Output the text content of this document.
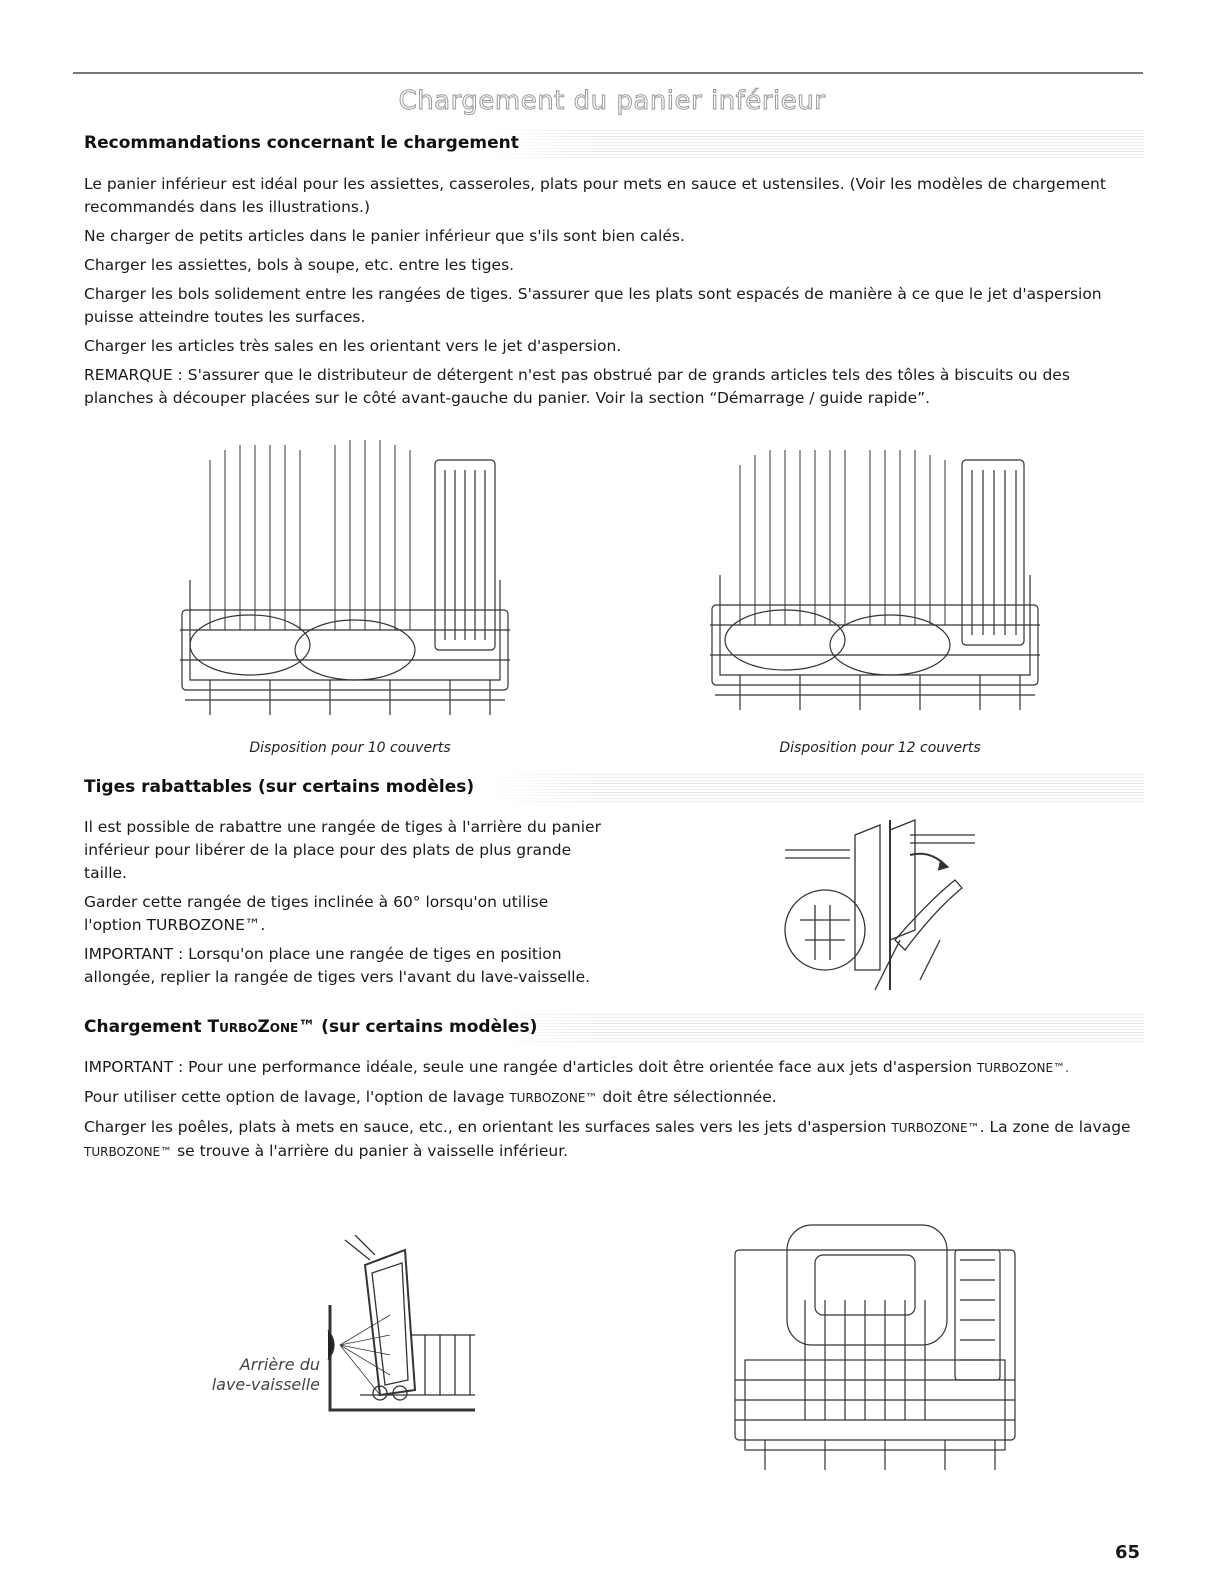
Chargement du panier inférieur
Recommandations concernant le chargement

Le panier inférieur est idéal pour les assiettes, casseroles, plats pour mets en sauce et ustensiles. (Voir les modèles de chargement recommandés dans les illustrations.)

Ne charger de petits articles dans le panier inférieur que s'ils sont bien calés.

Charger les assiettes, bols à soupe, etc. entre les tiges.

Charger les bols solidement entre les rangées de tiges. S'assurer que les plats sont espacés de manière à ce que le jet d'aspersion puisse atteindre toutes les surfaces.

Charger les articles très sales en les orientant vers le jet d'aspersion.

REMARQUE : S'assurer que le distributeur de détergent n'est pas obstrué par de grands articles tels des tôles à biscuits ou des planches à découper placées sur le côté avant-gauche du panier. Voir la section “Démarrage / guide rapide”.

Disposition pour 10 couverts	Disposition pour 12 couverts
Tiges rabattables (sur certains modèles)

Il est possible de rabattre une rangée de tiges à l'arrière du panier inférieur pour libérer de la place pour des plats de plus grande taille.

Garder cette rangée de tiges inclinée à 60° lorsqu'on utilise l'option TURBOZONE™.

IMPORTANT : Lorsqu'on place une rangée de tiges en position allongée, replier la rangée de tiges vers l'avant du lave-vaisselle.

Chargement TURBOZONE™ (sur certains modèles)

IMPORTANT : Pour une performance idéale, seule une rangée d'articles doit être orientée face aux jets d'aspersion TURBOZONE™.

Pour utiliser cette option de lavage, l'option de lavage TURBOZONE™ doit être sélectionnée.

Charger les poêles, plats à mets en sauce, etc., en orientant les surfaces sales vers les jets d'aspersion TURBOZONE™. La zone de lavage TURBOZONE™ se trouve à l'arrière du panier à vaisselle inférieur.

Arrière du
lave-vaisselle
65
